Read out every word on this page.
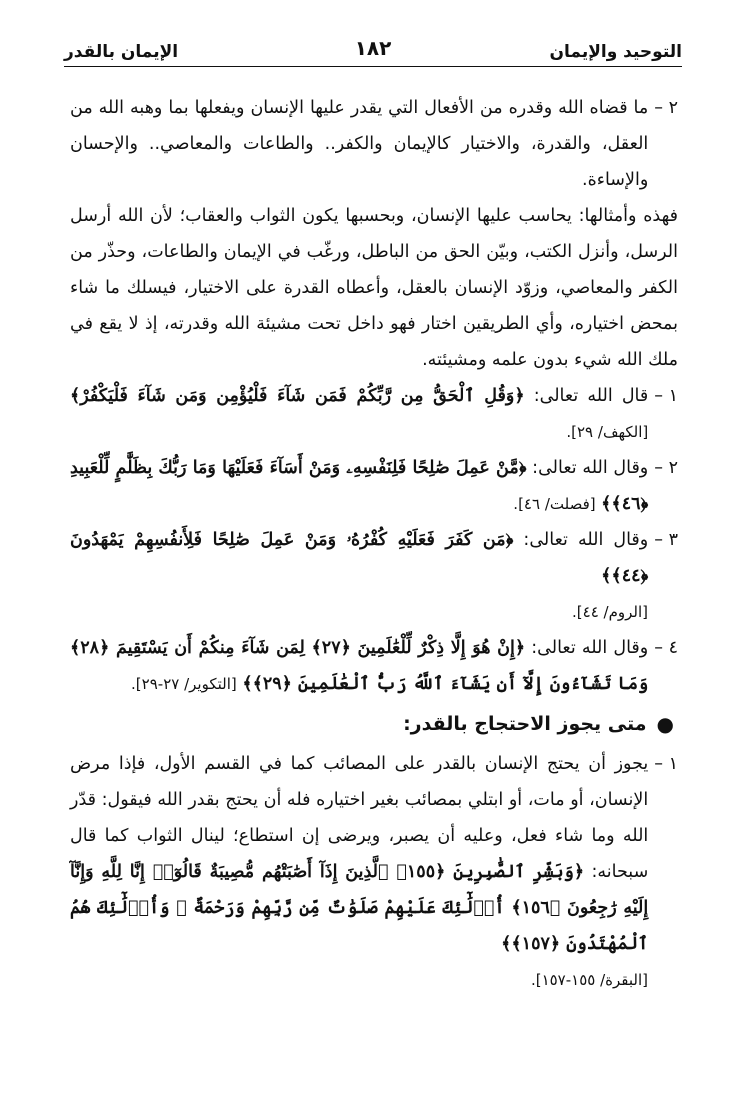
التوحيد والإيمان
١٨٢
الإيمان بالقدر
٢ –
ما قضاه الله وقدره من الأفعال التي يقدر عليها الإنسان ويفعلها بما وهبه الله من العقل، والقدرة، والاختيار كالإيمان والكفر.. والطاعات والمعاصي.. والإحسان والإساءة.

فهذه وأمثالها: يحاسب عليها الإنسان، وبحسبها يكون الثواب والعقاب؛ لأن الله أرسل الرسل، وأنزل الكتب، وبيّن الحق من الباطل، ورغّب في الإيمان والطاعات، وحذّر من الكفر والمعاصي، وزوّد الإنسان بالعقل، وأعطاه القدرة على الاختيار، فيسلك ما شاء بمحض اختياره، وأي الطريقين اختار فهو داخل تحت مشيئة الله وقدرته، إذ لا يقع في ملك الله شيء بدون علمه ومشيئته.

١ –
قال الله تعالى: ﴿وَقُلِ ٱلْحَقُّ مِن رَّبِّكُمْ فَمَن شَآءَ فَلْيُؤْمِن وَمَن شَآءَ فَلْيَكْفُرْ﴾ [الكهف/ ٢٩].
٢ –
وقال الله تعالى: ﴿مَّنْ عَمِلَ صَٰلِحًا فَلِنَفْسِهِۦ وَمَنْ أَسَآءَ فَعَلَيْهَا وَمَا رَبُّكَ بِظَلَّٰمٍ لِّلْعَبِيدِ ﴿٤٦﴾﴾ [فصلت/ ٤٦].
٣ –
وقال الله تعالى: ﴿مَن كَفَرَ فَعَلَيْهِ كُفْرُهُۥ وَمَنْ عَمِلَ صَٰلِحًا فَلِأَنفُسِهِمْ يَمْهَدُونَ ﴿٤٤﴾﴾
[الروم/ ٤٤].
٤ –
وقال الله تعالى: ﴿إِنْ هُوَ إِلَّا ذِكْرٌ لِّلْعَٰلَمِينَ ﴿٢٧﴾ لِمَن شَآءَ مِنكُمْ أَن يَسْتَقِيمَ ﴿٢٨﴾ وَمَا تَشَآءُونَ إِلَّآ أَن يَشَآءَ ٱللَّهُ رَبُّ ٱلْعَٰلَمِينَ ﴿٢٩﴾﴾ [التكوير/ ٢٧-٢٩].
●
متى يجوز الاحتجاج بالقدر:
١ –
يجوز أن يحتج الإنسان بالقدر على المصائب كما في القسم الأول، فإذا مرض الإنسان، أو مات، أو ابتلي بمصائب بغير اختياره فله أن يحتج بقدر الله فيقول: قدّر الله وما شاء فعل، وعليه أن يصبر، ويرضى إن استطاع؛ لينال الثواب كما قال سبحانه: ﴿وَبَشِّرِ ٱلصَّٰبِرِينَ ﴿١٥٥﴾ ٱلَّذِينَ إِذَآ أَصَٰبَتْهُم مُّصِيبَةٌ قَالُوٓا۟ إِنَّا لِلَّهِ وَإِنَّآ إِلَيْهِ رَٰجِعُونَ ﴿١٥٦﴾ أُو۟لَٰٓئِكَ عَلَيْهِمْ صَلَوَٰتٌ مِّن رَّبِّهِمْ وَرَحْمَةٌ ۖ وَأُو۟لَٰٓئِكَ هُمُ ٱلْمُهْتَدُونَ ﴿١٥٧﴾﴾
[البقرة/ ١٥٥-١٥٧].
